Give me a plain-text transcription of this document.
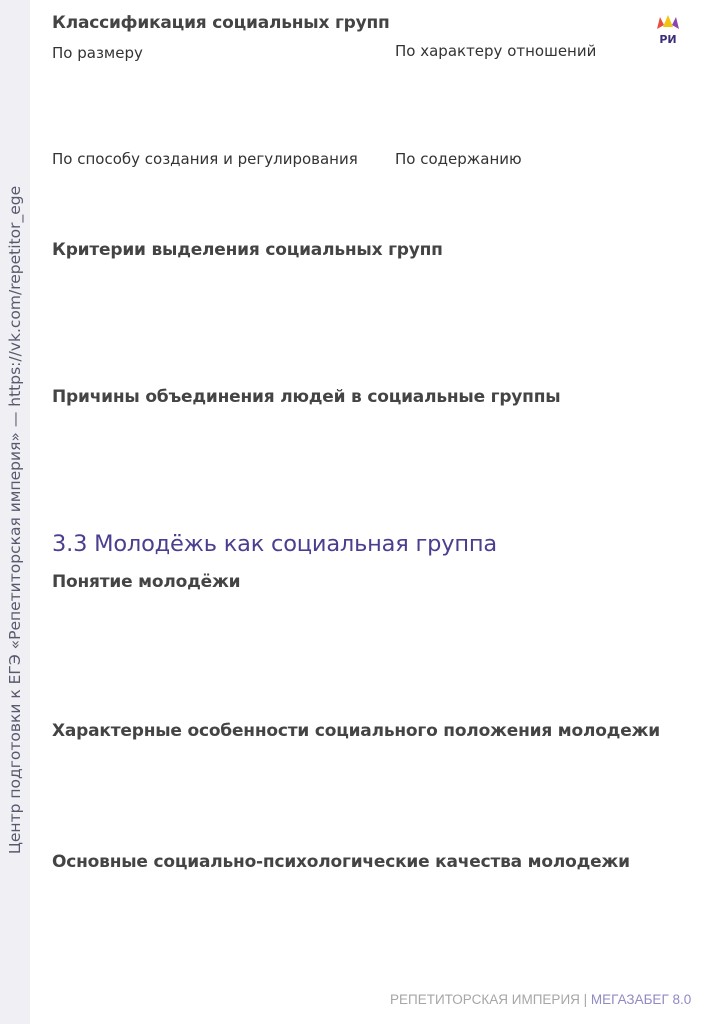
Центр подготовки к ЕГЭ «Репетиторская империя» — https://vk.com/repetitor_ege
РИ
Классификация социальных групп
По размеру	По характеру отношений
По способу создания и регулирования По содержанию
Критерии выделения социальных групп
Причины объединения людей в социальные группы
3.3 Молодёжь как социальная группа
Понятие молодёжи
Характерные особенности социального положения молодежи
Основные социально-психологические качества молодежи
РЕПЕТИТОРСКАЯ ИМПЕРИЯ | МЕГАЗАБЕГ 8.0
